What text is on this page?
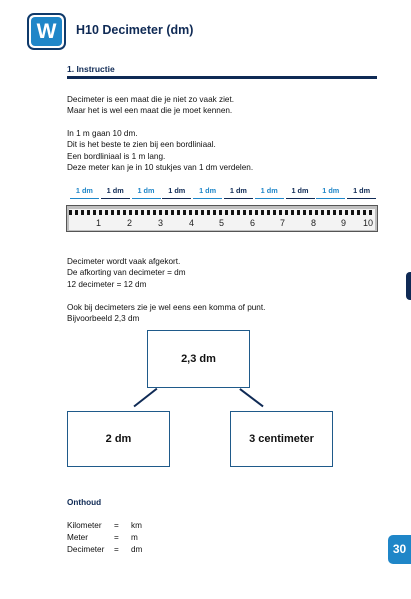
W	H10 Decimeter (dm)
1. Instructie
Decimeter is een maat die je niet zo vaak ziet.
Maar het is wel een maat die je moet kennen.
In 1 m gaan 10 dm.
Dit is het beste te zien bij een bordliniaal.
Een bordliniaal is 1 m lang.
Deze meter kan je in 10 stukjes van 1 dm verdelen.
1 dm	1 dm	1 dm	1 dm	1 dm	1 dm	1 dm	1 dm	1 dm	1 dm
1	2	3	4	5	6	7	8	9 10
Decimeter wordt vaak afgekort.
De afkorting van decimeter = dm
12 decimeter = 12 dm
Ook bij decimeters zie je wel eens een komma of punt.
Bijvoorbeeld 2,3 dm
2,3 dm
2 dm	3 centimeter
Onthoud
Kilometer = km
Meter	= m
Decimeter = dm	30
